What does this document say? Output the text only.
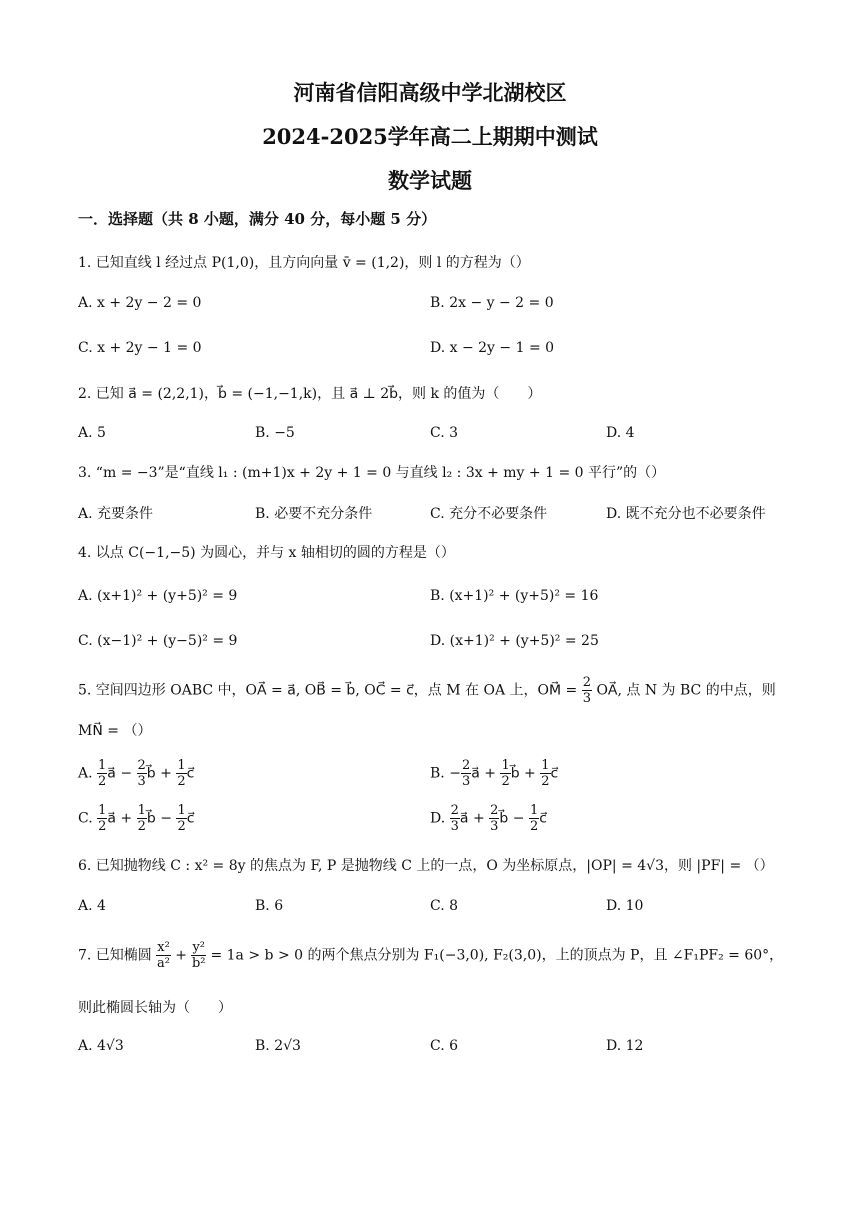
河南省信阳高级中学北湖校区
2024-2025学年高二上期期中测试
数学试题
一．选择题（共 8 小题，满分 40 分，每小题 5 分）
1. 已知直线 l 经过点 P(1,0)，且方向向量 v̄ = (1,2)，则 l 的方程为（）
A. x + 2y − 2 = 0	B. 2x − y − 2 = 0
C. x + 2y − 1 = 0	D. x − 2y − 1 = 0
2. 已知 a⃗ = (2,2,1)，b⃗ = (−1,−1,k)，且 a⃗ ⊥ 2b⃗，则 k 的值为（　　）
A. 5	B. −5	C. 3	D. 4
3. “m = −3”是“直线 l₁ : (m+1)x + 2y + 1 = 0 与直线 l₂ : 3x + my + 1 = 0 平行”的（）
A. 充要条件	B. 必要不充分条件	C. 充分不必要条件	D. 既不充分也不必要条件
4. 以点 C(−1,−5) 为圆心，并与 x 轴相切的圆的方程是（）
A. (x+1)² + (y+5)² = 9	B. (x+1)² + (y+5)² = 16
C. (x−1)² + (y−5)² = 9	D. (x+1)² + (y+5)² = 25
5. 空间四边形 OABC 中，OA⃗ = a⃗, OB⃗ = b⃗, OC⃗ = c⃗，点 M 在 OA 上，OM⃗ = $\frac{2}{3}$ OA⃗, 点 N 为 BC 的中点，则
MN⃗ = （）
A. $\frac{1}{2}$ a⃗ − $\frac{2}{3}$ b⃗ + $\frac{1}{2}$ c⃗	B. − $\frac{2}{3}$ a⃗ + $\frac{1}{2}$ b⃗ + $\frac{1}{2}$ c⃗
C. $\frac{1}{2}$ a⃗ + $\frac{1}{2}$ b⃗ − $\frac{1}{2}$ c⃗	D. $\frac{2}{3}$ a⃗ + $\frac{2}{3}$ b⃗ − $\frac{1}{2}$ c⃗
6. 已知抛物线 C : x² = 8y 的焦点为 F, P 是抛物线 C 上的一点，O 为坐标原点，|OP| = 4√3，则 |PF| = （）
A. 4	B. 6	C. 8	D. 10
7. 已知椭圆 $\frac{\text{x²}}{\text{a²}} + \frac{\text{y²}}{\text{b²}} = 1a > b > 0$ 的两个焦点分别为 F₁(−3,0), F₂(3,0)，上的顶点为 P，且 ∠F₁PF₂ = 60°，
则此椭圆长轴为（　　）
A. 4√3	B. 2√3	C. 6	D. 12
